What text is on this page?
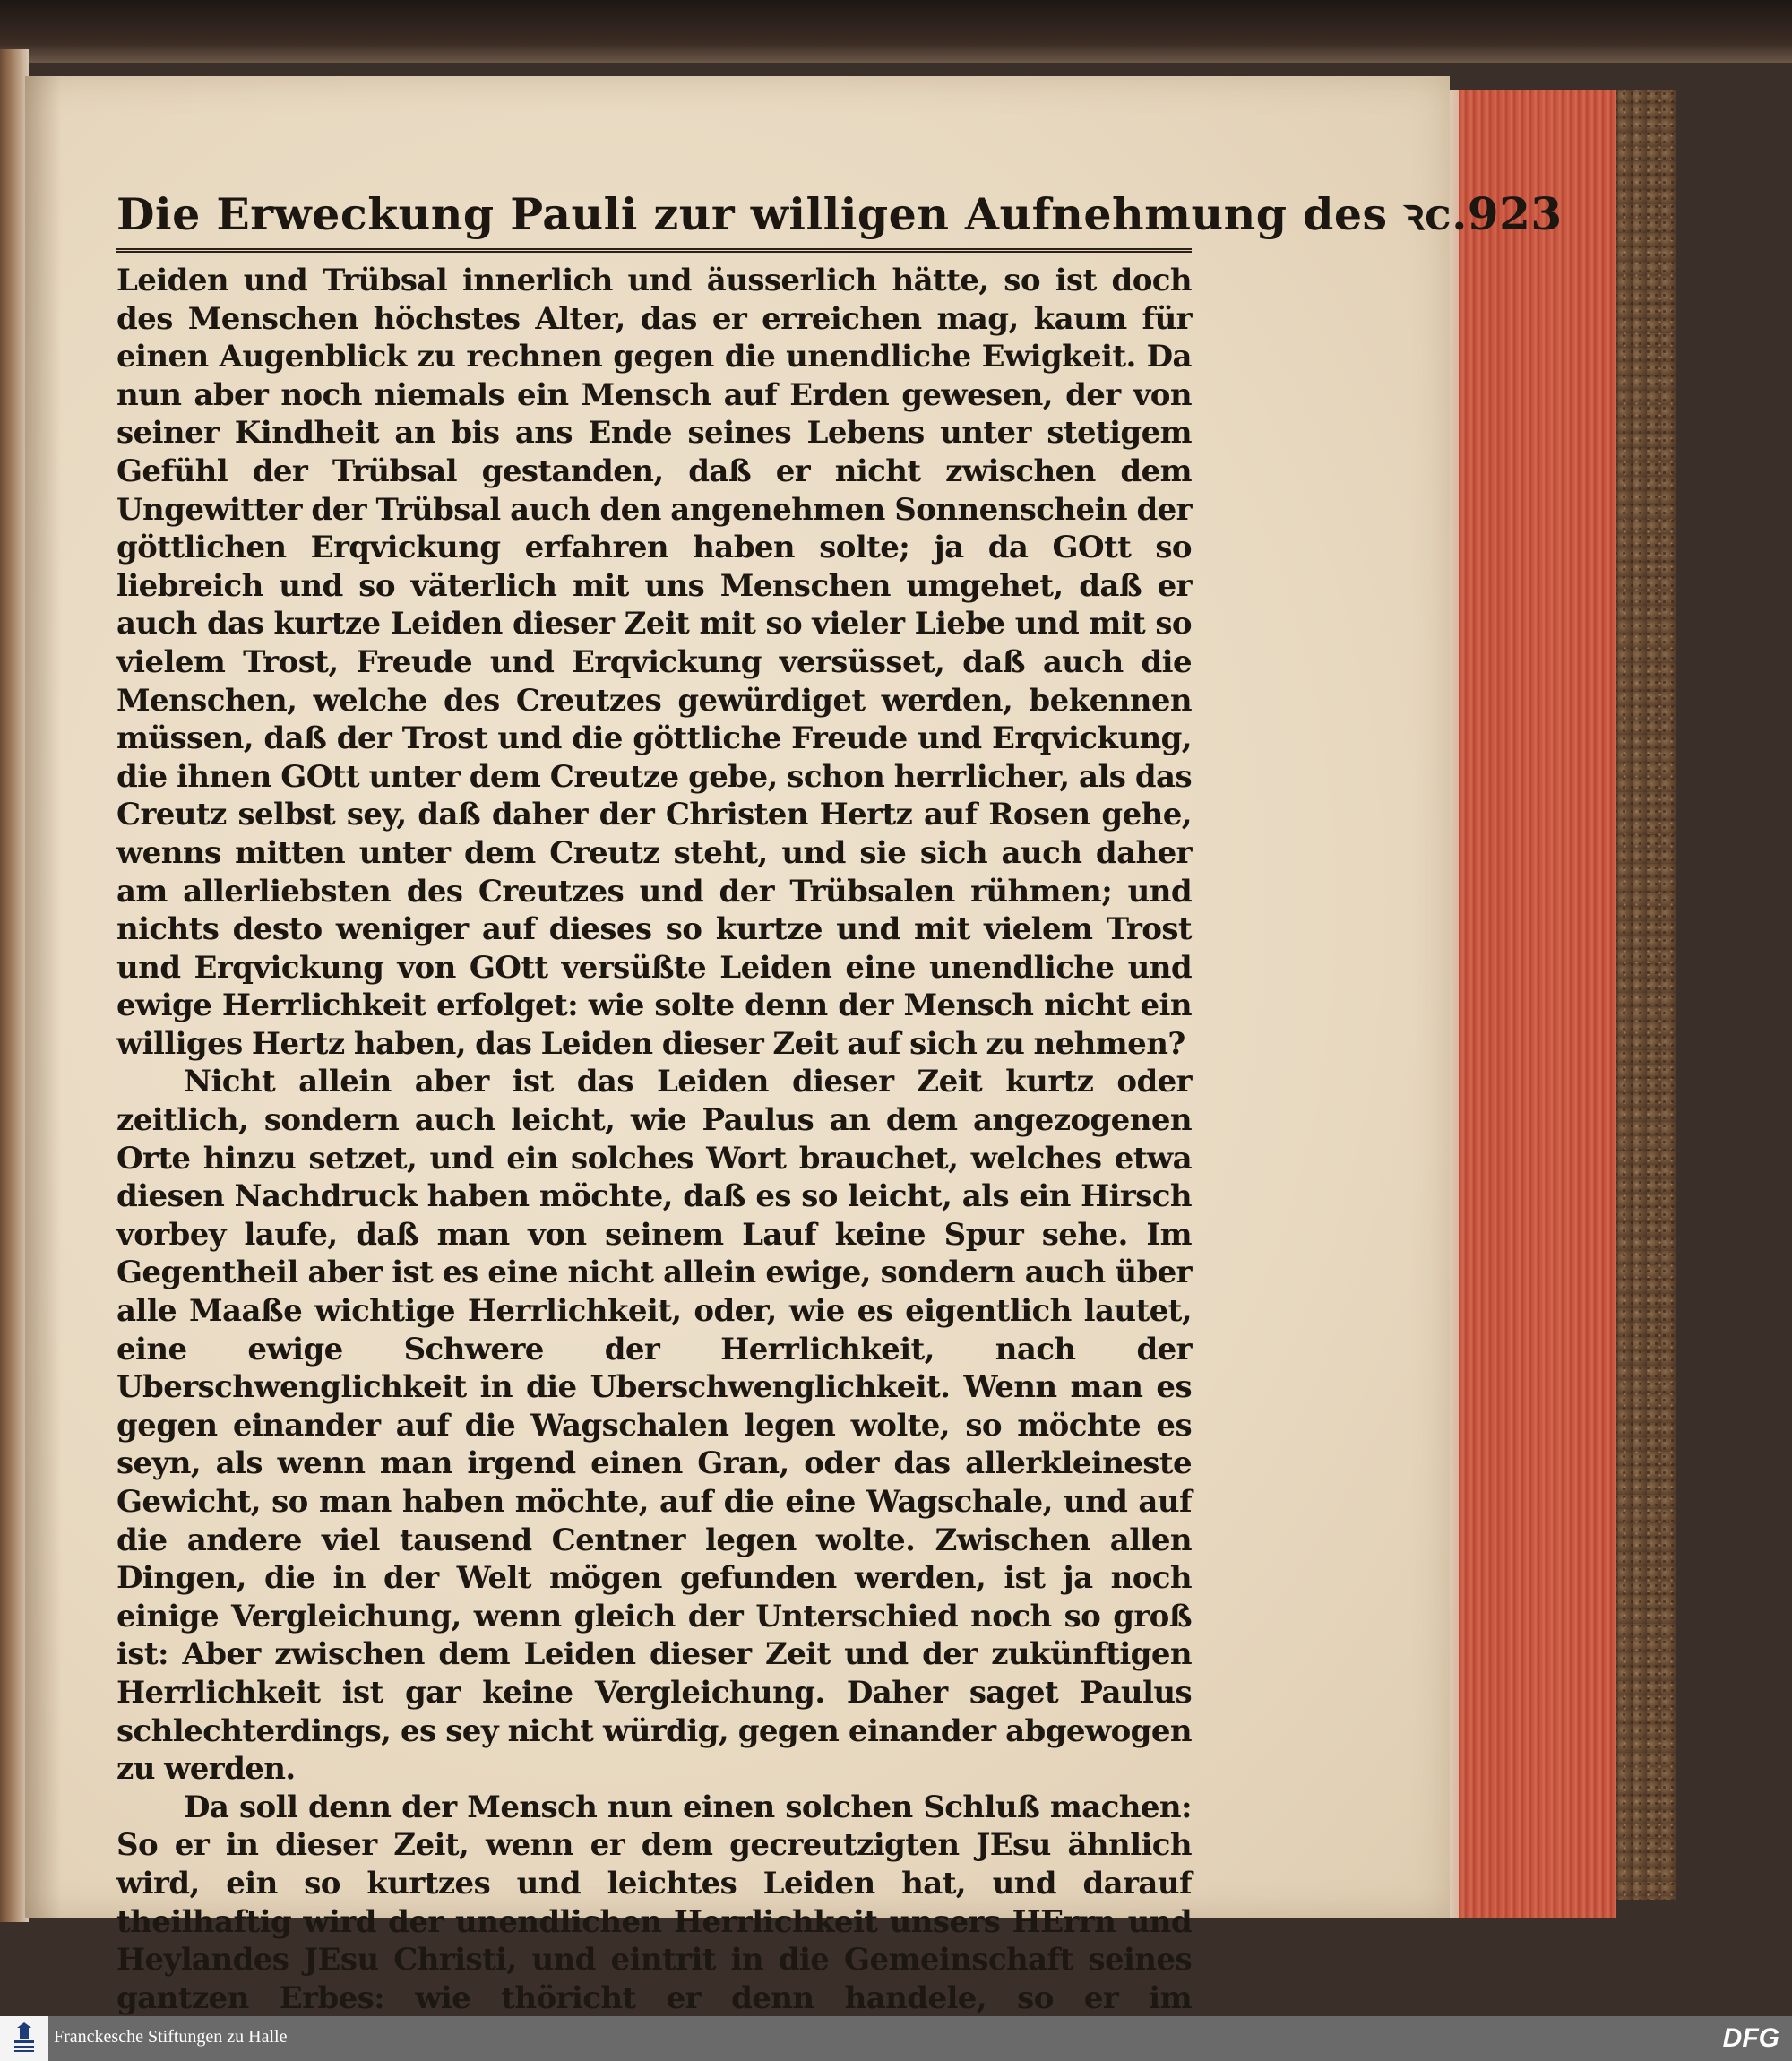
Die Erweckung Pauli zur willigen Aufnehmung des ꝛc. 923

Leiden und Trübsal innerlich und äusserlich hätte, so ist doch des Menschen höchstes Alter, das er erreichen mag, kaum für einen Augenblick zu rechnen gegen die unendliche Ewigkeit. Da nun aber noch niemals ein Mensch auf Erden gewesen, der von seiner Kindheit an bis ans Ende seines Lebens unter stetigem Gefühl der Trübsal gestanden, daß er nicht zwischen dem Ungewitter der Trübsal auch den angenehmen Sonnenschein der göttlichen Erqvickung erfahren haben solte; ja da GOtt so liebreich und so väterlich mit uns Menschen umgehet, daß er auch das kurtze Leiden dieser Zeit mit so vieler Liebe und mit so vielem Trost, Freude und Erqvickung versüsset, daß auch die Menschen, welche des Creutzes gewürdiget werden, bekennen müssen, daß der Trost und die göttliche Freude und Erqvickung, die ihnen GOtt unter dem Creutze gebe, schon herrlicher, als das Creutz selbst sey, daß daher der Christen Hertz auf Rosen gehe, wenns mitten unter dem Creutz steht, und sie sich auch daher am allerliebsten des Creutzes und der Trübsalen rühmen; und nichts desto weniger auf dieses so kurtze und mit vielem Trost und Erqvickung von GOtt versüßte Leiden eine unendliche und ewige Herrlichkeit erfolget: wie solte denn der Mensch nicht ein williges Hertz haben, das Leiden dieser Zeit auf sich zu nehmen?

Nicht allein aber ist das Leiden dieser Zeit kurtz oder zeitlich, sondern auch leicht, wie Paulus an dem angezogenen Orte hinzu setzet, und ein solches Wort brauchet, welches etwa diesen Nachdruck haben möchte, daß es so leicht, als ein Hirsch vorbey laufe, daß man von seinem Lauf keine Spur sehe. Im Gegentheil aber ist es eine nicht allein ewige, sondern auch über alle Maaße wichtige Herrlichkeit, oder, wie es eigentlich lautet, eine ewige Schwere der Herrlichkeit, nach der Uberschwenglichkeit in die Uberschwenglichkeit. Wenn man es gegen einander auf die Wagschalen legen wolte, so möchte es seyn, als wenn man irgend einen Gran, oder das allerkleineste Gewicht, so man haben möchte, auf die eine Wagschale, und auf die andere viel tausend Centner legen wolte. Zwischen allen Dingen, die in der Welt mögen gefunden werden, ist ja noch einige Vergleichung, wenn gleich der Unterschied noch so groß ist: Aber zwischen dem Leiden dieser Zeit und der zukünftigen Herrlichkeit ist gar keine Vergleichung. Daher saget Paulus schlechterdings, es sey nicht würdig, gegen einander abgewogen zu werden.

Da soll denn der Mensch nun einen solchen Schluß machen: So er in dieser Zeit, wenn er dem gecreutzigten JEsu ähnlich wird, ein so kurtzes und leichtes Leiden hat, und darauf theilhaftig wird der unendlichen Herrlichkeit unsers HErrn und Heylandes JEsu Christi, und eintrit in die Gemeinschaft seines gantzen Erbes: wie thöricht er denn handele, so er im

Franckesche Stiftungen zu Halle	DFG
